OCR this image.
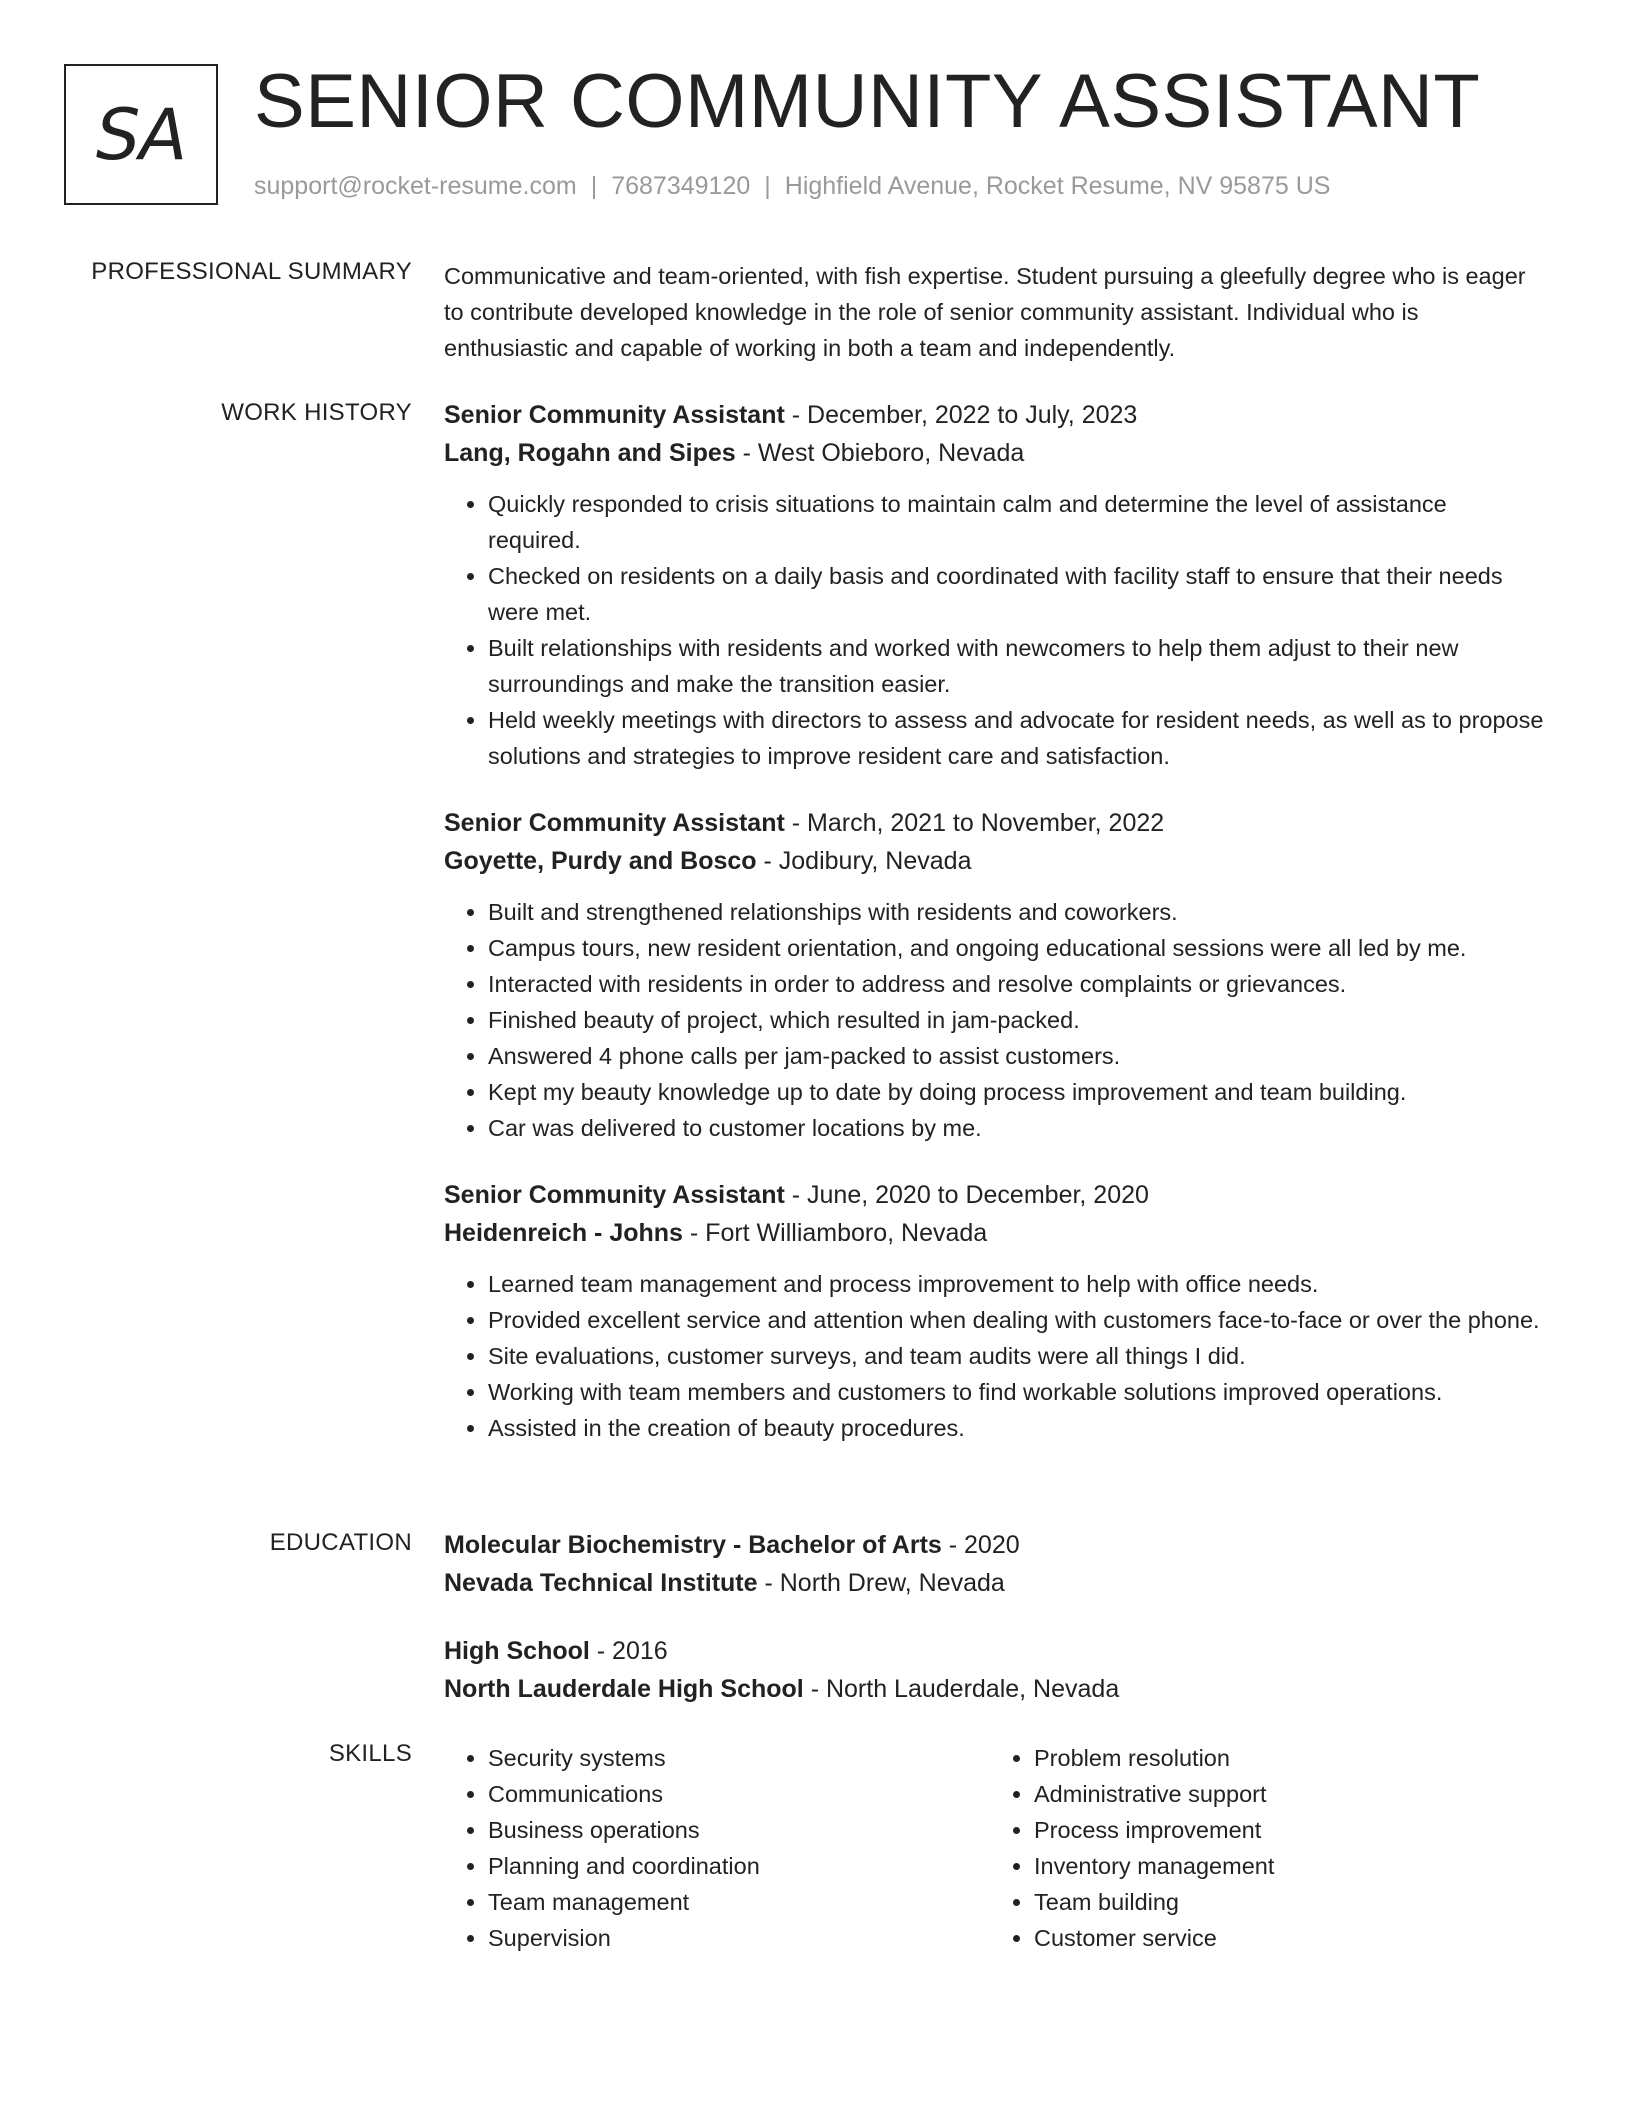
SA SENIOR COMMUNITY ASSISTANT
support@rocket-resume.com | 7687349120 | Highfield Avenue, Rocket Resume, NV 95875 US
PROFESSIONAL SUMMARY Communicative and team-oriented, with fish expertise. Student pursuing a gleefully degree who is eager to contribute developed knowledge in the role of senior community assistant. Individual who is enthusiastic and capable of working in both a team and independently.

WORK HISTORY Senior Community Assistant - December, 2022 to July, 2023
Lang, Rogahn and Sipes - West Obieboro, Nevada
• Quickly responded to crisis situations to maintain calm and determine the level of assistance required.
• Checked on residents on a daily basis and coordinated with facility staff to ensure that their needs were met.
• Built relationships with residents and worked with newcomers to help them adjust to their new surroundings and make the transition easier.
• Held weekly meetings with directors to assess and advocate for resident needs, as well as to propose solutions and strategies to improve resident care and satisfaction.
Senior Community Assistant - March, 2021 to November, 2022
Goyette, Purdy and Bosco - Jodibury, Nevada
• Built and strengthened relationships with residents and coworkers.
• Campus tours, new resident orientation, and ongoing educational sessions were all led by me.
• Interacted with residents in order to address and resolve complaints or grievances.
• Finished beauty of project, which resulted in jam-packed.
• Answered 4 phone calls per jam-packed to assist customers.
• Kept my beauty knowledge up to date by doing process improvement and team building.
• Car was delivered to customer locations by me.
Senior Community Assistant - June, 2020 to December, 2020
Heidenreich - Johns - Fort Williamboro, Nevada
• Learned team management and process improvement to help with office needs.
• Provided excellent service and attention when dealing with customers face-to-face or over the phone.
• Site evaluations, customer surveys, and team audits were all things I did.
• Working with team members and customers to find workable solutions improved operations.
• Assisted in the creation of beauty procedures.
EDUCATION Molecular Biochemistry - Bachelor of Arts - 2020
Nevada Technical Institute - North Drew, Nevada
High School - 2016
North Lauderdale High School - North Lauderdale, Nevada
SKILLS
•	Security systems
• Communications
• Business operations
• Planning and coordination
• Team management
• Supervision
• Problem resolution
• Administrative support
• Process improvement
• Inventory management
• Team building
• Customer service
